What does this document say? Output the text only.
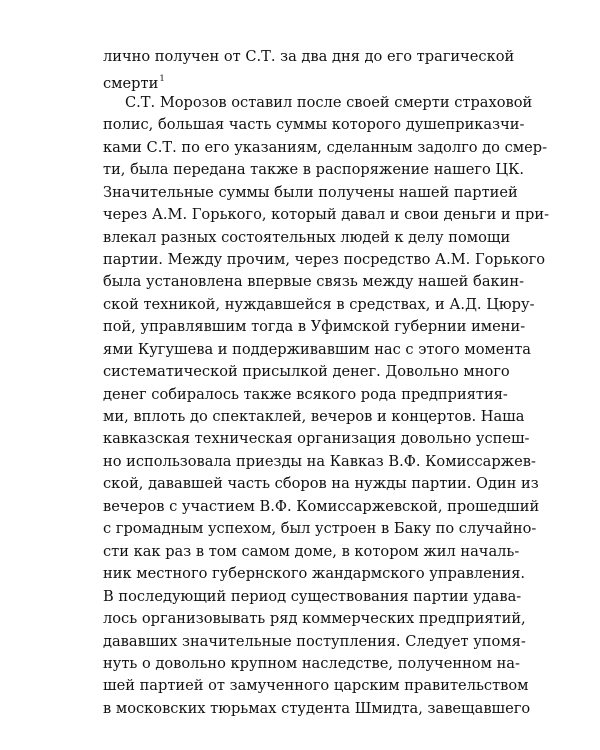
лично получен от С.Т. за два дня до его трагической
смерти$^1$
С.Т. Морозов оставил после своей смерти страховой
полис, большая часть суммы которого душеприказчи-
ками С.Т. по его указаниям, сделанным задолго до смер-
ти, была передана также в распоряжение нашего ЦК.
Значительные суммы были получены нашей партией
через А.М. Горького, который давал и свои деньги и при-
влекал разных состоятельных людей к делу помощи
партии. Между прочим, через посредство А.М. Горького
была установлена впервые связь между нашей бакин-
ской техникой, нуждавшейся в средствах, и А.Д. Цюру-
пой, управлявшим тогда в Уфимской губернии имени-
ями Кугушева и поддерживавшим нас с этого момента
систематической присылкой денег. Довольно много
денег собиралось также всякого рода предприятия-
ми, вплоть до спектаклей, вечеров и концертов. Наша
кавказская техническая организация довольно успеш-
но использовала приезды на Кавказ В.Ф. Комиссаржев-
ской, дававшей часть сборов на нужды партии. Один из
вечеров с участием В.Ф. Комиссаржевской, прошедший
с громадным успехом, был устроен в Баку по случайно-
сти как раз в том самом доме, в котором жил началь-
ник местного губернского жандармского управления.
В последующий период существования партии удава-
лось организовывать ряд коммерческих предприятий,
дававших значительные поступления. Следует упомя-
нуть о довольно крупном наследстве, полученном на-
шей партией от замученного царским правительством
в московских тюрьмах студента Шмидта, завещавшего
